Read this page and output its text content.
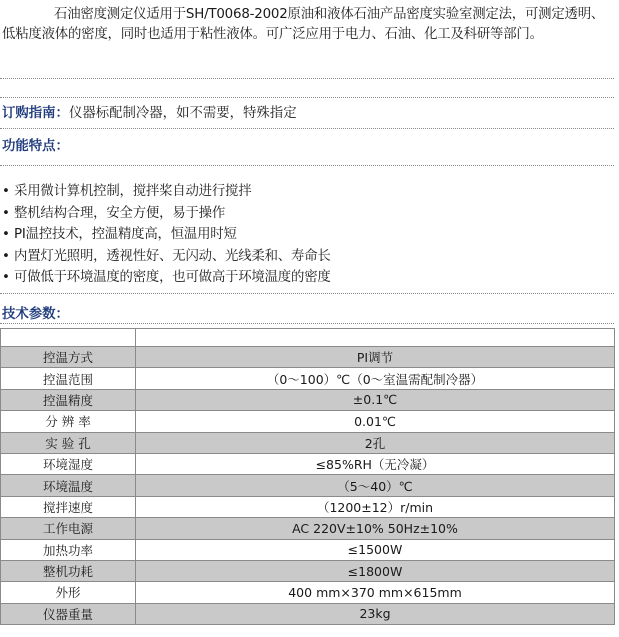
石油密度测定仪适用于SH/T0068-2002原油和液体石油产品密度实验室测定法，可测定透明、低粘度液体的密度，同时也适用于粘性液体。可广泛应用于电力、石油、化工及科研等部门。

订购指南：仪器标配制冷器，如不需要，特殊指定
功能特点：
• 采用微计算机控制，搅拌桨自动进行搅拌
• 整机结构合理，安全方便，易于操作
• PI温控技术，控温精度高，恒温用时短
• 内置灯光照明，透视性好、无闪动、光线柔和、寿命长
• 可做低于环境温度的密度，也可做高于环境温度的密度
技术参数：

控温方式	PI调节
控温范围	（0～100）℃（0～室温需配制冷器）
控温精度	±0.1℃
分 辨 率	0.01℃
实 验 孔	2孔
环境湿度	≤85%RH（无冷凝）
环境温度	（5～40）℃
搅拌速度	（1200±12）r/min
工作电源	AC 220V±10% 50Hz±10%
加热功率	≤1500W
整机功耗	≤1800W
外形	400 mm×370 mm×615mm
仪器重量	23kg
